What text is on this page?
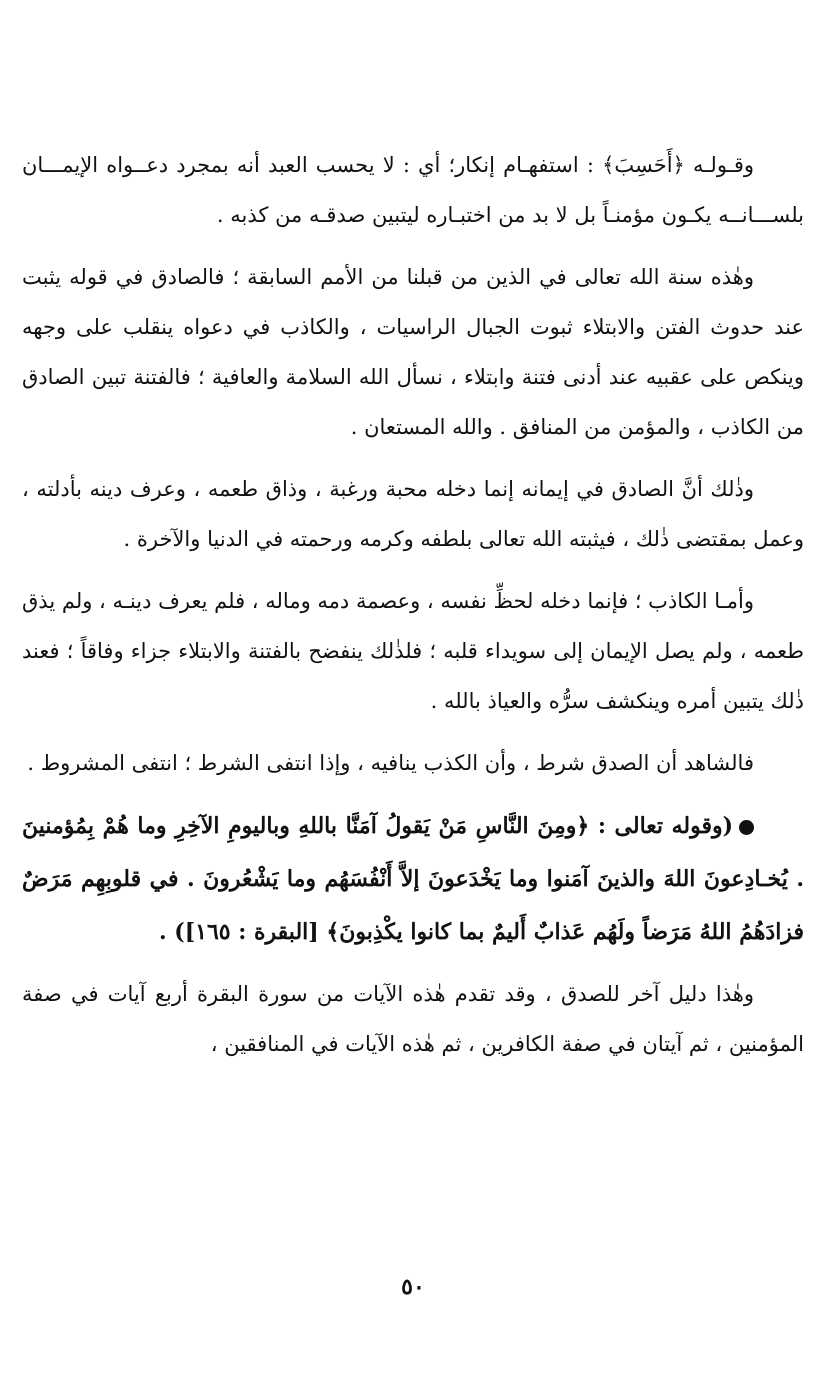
وقـولـه ﴿أَحَسِبَ﴾ : استفهـام إنكار؛ أي : لا يحسب العبد أنه بمجرد دعــواه الإيمـــان بلســـانــه يكـون مؤمنـاً بل لا بد من اختبـاره ليتبين صدقـه من كذبه .

وهٰذه سنة الله تعالى في الذين من قبلنا من الأمم السابقة ؛ فالصادق في قوله يثبت عند حدوث الفتن والابتلاء ثبوت الجبال الراسيات ، والكاذب في دعواه ينقلب على وجهه وينكص على عقبيه عند أدنى فتنة وابتلاء ، نسأل الله السلامة والعافية ؛ فالفتنة تبين الصادق من الكاذب ، والمؤمن من المنافق . والله المستعان .

وذٰلك أنَّ الصادق في إيمانه إنما دخله محبة ورغبة ، وذاق طعمه ، وعرف دينه بأدلته ، وعمل بمقتضى ذٰلك ، فيثبته الله تعالى بلطفه وكرمه ورحمته في الدنيا والآخرة .

وأمـا الكاذب ؛ فإنما دخله لحظِّ نفسه ، وعصمة دمه وماله ، فلم يعرف دينـه ، ولم يذق طعمه ، ولم يصل الإيمان إلى سويداء قلبه ؛ فلذٰلك ينفضح بالفتنة والابتلاء جزاء وفاقاً ؛ فعند ذٰلك يتبين أمره وينكشف سرُّه والعياذ بالله .

فالشاهد أن الصدق شرط ، وأن الكذب ينافيه ، وإذا انتفى الشرط ؛ انتفى المشروط .

(وقوله تعالى : ﴿ومِنَ النَّاسِ مَنْ يَقولُ آمَنَّا باللهِ وباليومِ الآخِرِ وما هُمْ بِمُؤمنينَ . يُخـادِعونَ اللهَ والذينَ آمَنوا وما يَخْدَعونَ إلاَّ أَنْفُسَهُم وما يَشْعُرونَ . في قلوبِهِم مَرَضٌ فزادَهُمُ اللهُ مَرَضاً ولَهُم عَذابٌ أَليمٌ بما كانوا يكْذِبونَ﴾ [البقرة : ١٦٥]) .

وهٰذا دليل آخر للصدق ، وقد تقدم هٰذه الآيات من سورة البقرة أربع آيات في صفة المؤمنين ، ثم آيتان في صفة الكافرين ، ثم هٰذه الآيات في المنافقين ،

٥٠
